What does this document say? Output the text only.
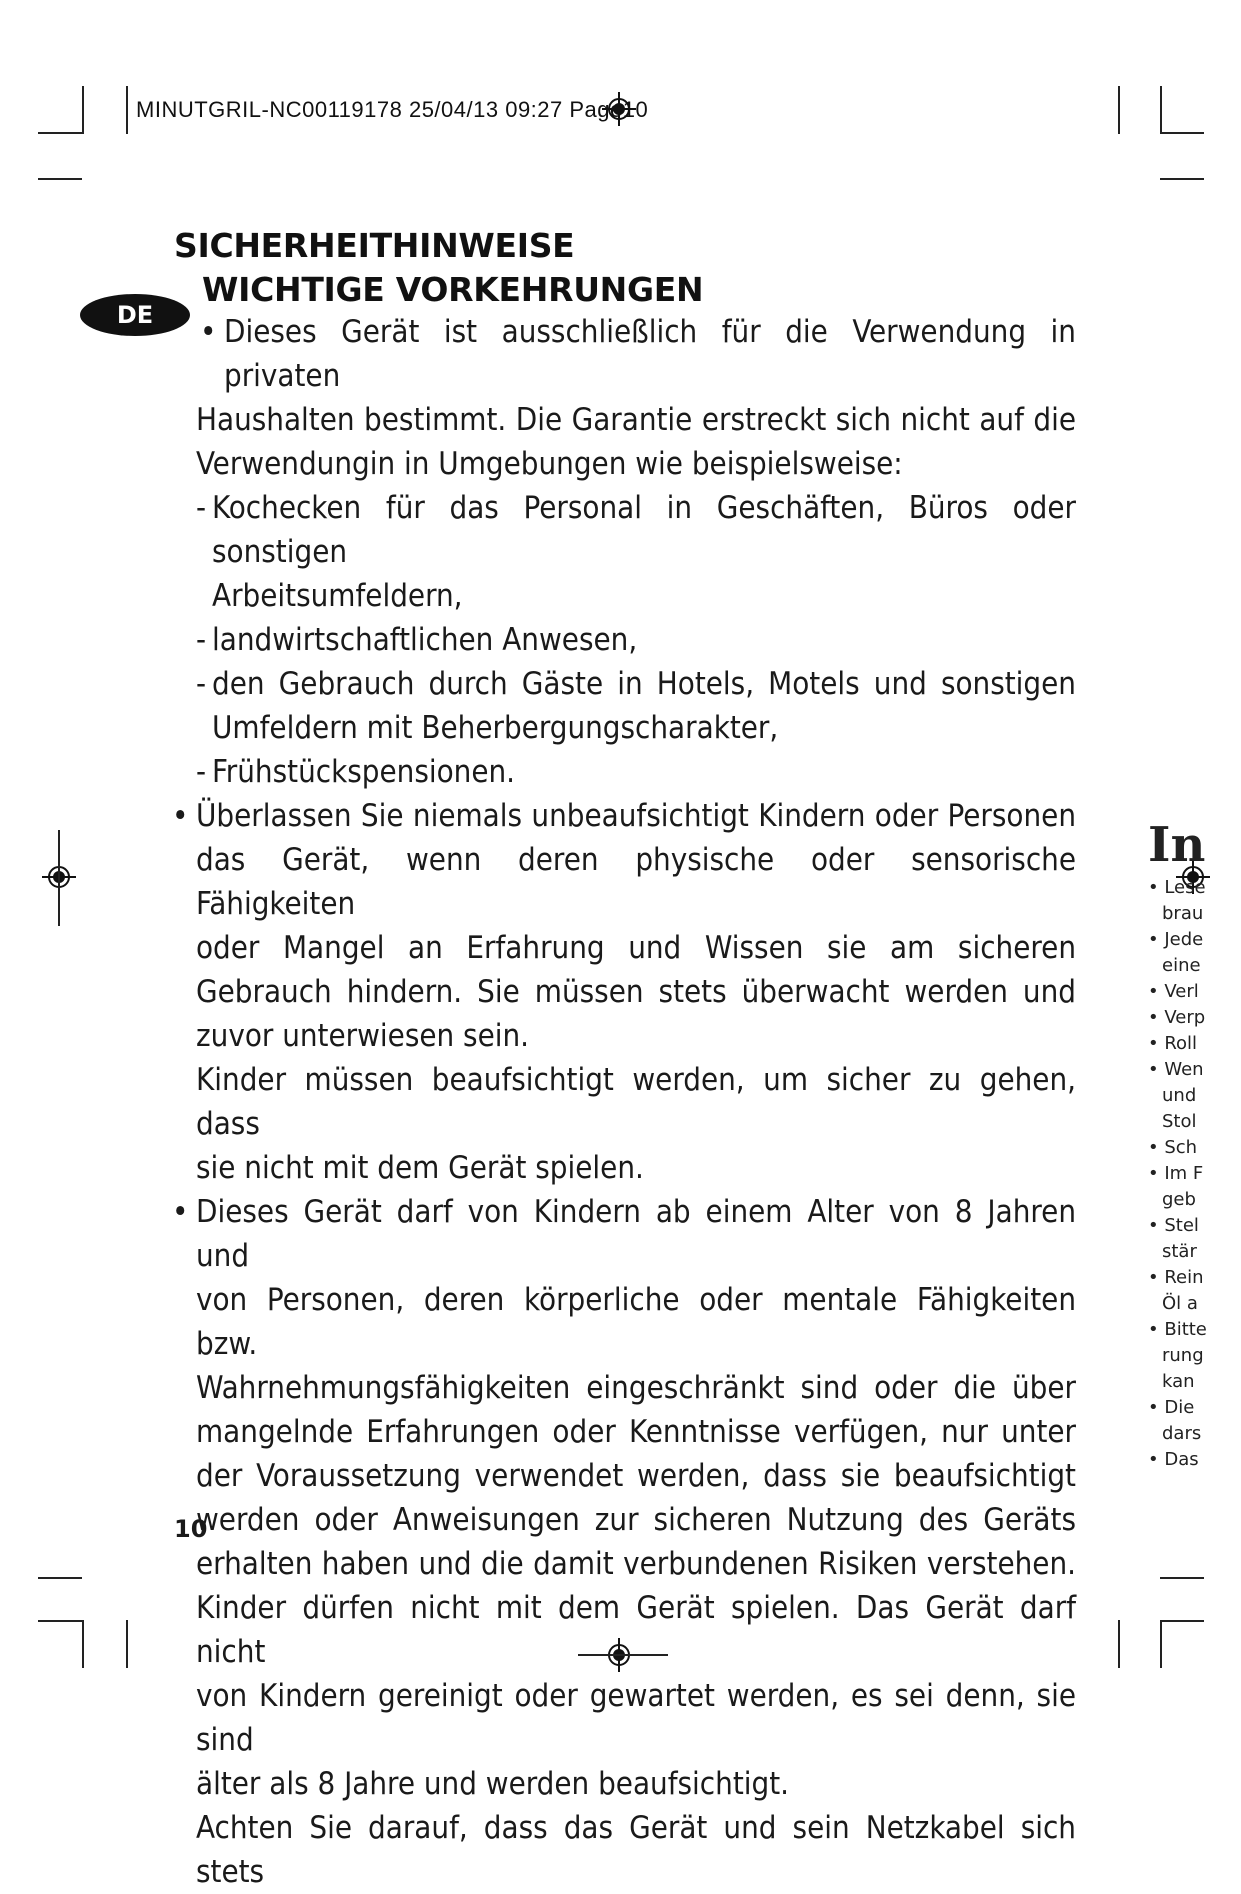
MINUTGRIL-NC00119178 25/04/13 09:27 Page10
SICHERHEITHINWEISE
WICHTIGE VORKEHRUNGEN
DE	• Dieses Gerät ist ausschließlich für die Verwendung in privaten
Haushalten bestimmt. Die Garantie erstreckt sich nicht auf die
Verwendungin in Umgebungen wie beispielsweise:
- Kochecken für das Personal in Geschäften, Büros oder sonstigen
Arbeitsumfeldern,
- landwirtschaftlichen Anwesen,
- den Gebrauch durch Gäste in Hotels, Motels und sonstigen
Umfeldern mit Beherbergungscharakter,
- Frühstückspensionen.
• Überlassen Sie niemals unbeaufsichtigt Kindern oder Personen
das Gerät, wenn deren physische oder sensorische Fähigkeiten
oder Mangel an Erfahrung und Wissen sie am sicheren
Gebrauch hindern. Sie müssen stets überwacht werden und
zuvor unterwiesen sein.
Kinder müssen beaufsichtigt werden, um sicher zu gehen, dass
sie nicht mit dem Gerät spielen.
• Dieses Gerät darf von Kindern ab einem Alter von 8 Jahren und
von Personen, deren körperliche oder mentale Fähigkeiten bzw.
Wahrnehmungsfähigkeiten eingeschränkt sind oder die über
mangelnde Erfahrungen oder Kenntnisse verfügen, nur unter
der Voraussetzung verwendet werden, dass sie beaufsichtigt
werden oder Anweisungen zur sicheren Nutzung des Geräts
erhalten haben und die damit verbundenen Risiken verstehen.
Kinder dürfen nicht mit dem Gerät spielen. Das Gerät darf nicht
von Kindern gereinigt oder gewartet werden, es sei denn, sie sind
älter als 8 Jahre und werden beaufsichtigt.
Achten Sie darauf, dass das Gerät und sein Netzkabel sich stets
10
In
• Lese
brau
• Jede
eine
• Verl
• Verp
• Roll
• Wen
und
Stol
• Sch
• Im F
geb
• Stel
stär
• Rein
Öl a
• Bitte
rung
kan
• Die
dars
• Das
